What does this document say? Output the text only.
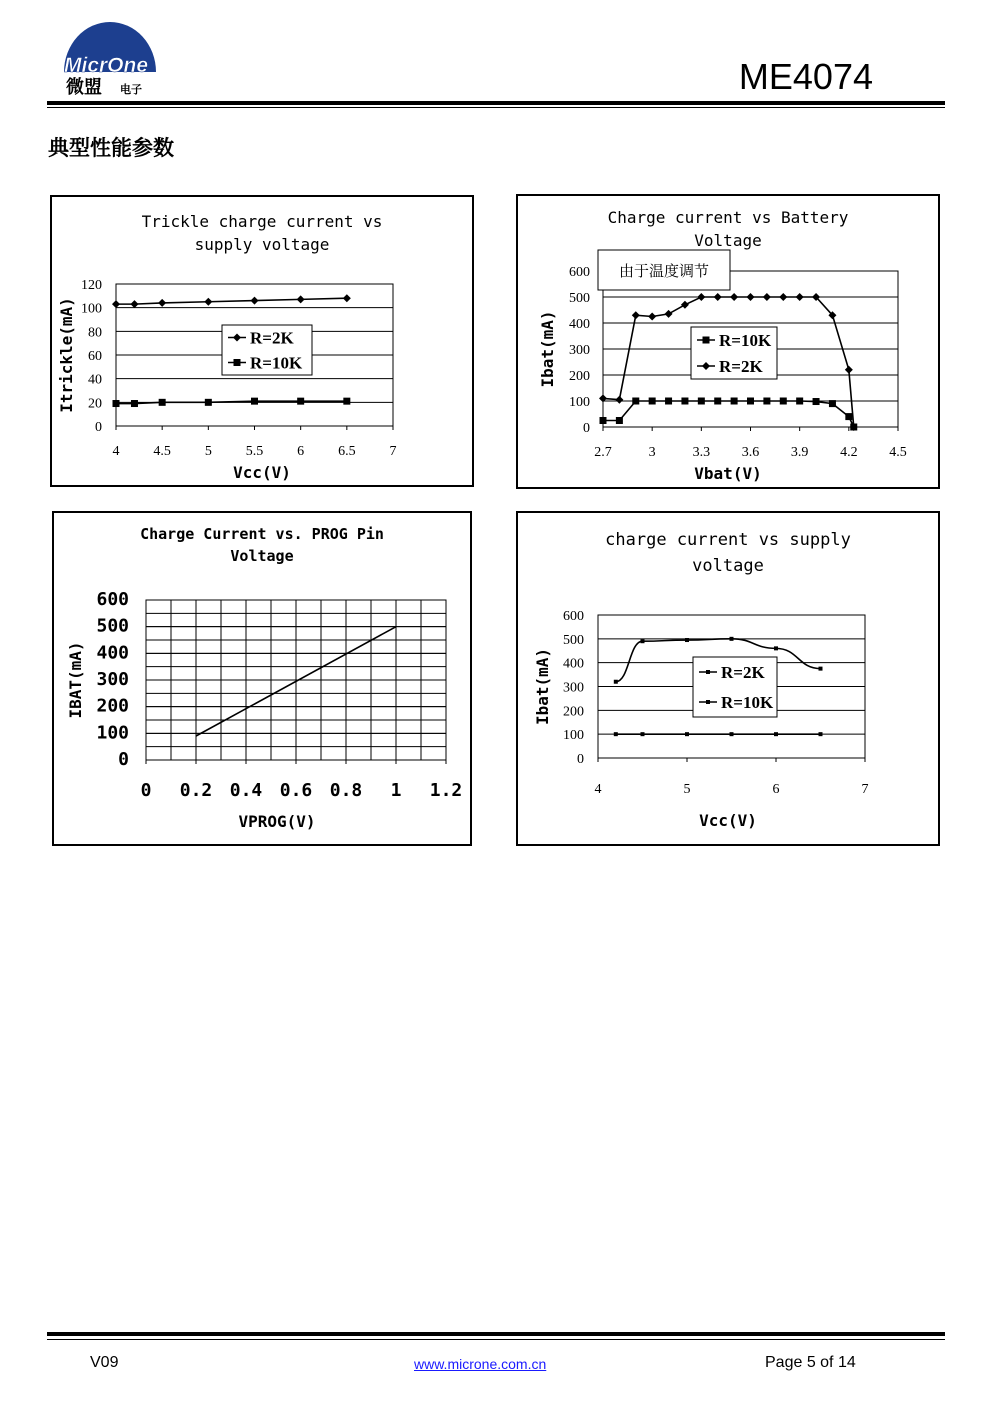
MicrOne
微盟 电子	ME4074
典型性能参数
Trickle charge current vs
supply voltage
0
20
40
60
80
100
120
4 4.5 5 5.5 6 6.5 7
Vcc(V)
Itrickle(mA)	R=2K
R=10K
Charge current vs Battery
Voltage
0
100
200
300
400
500
600
2.7	3	3.3 3.6 3.9 4.2 4.5
Vbat(V)
Ibat(mA)	R=10K
R=2K
由于温度调节
Charge Current vs. PROG Pin
Voltage
0
100
200
300
400
500
600
0 0.2 0.4 0.6 0.8 1 1.2
VPROG(V)
IBAT(mA)
charge current vs supply
voltage
0
100
200
300
400
500
600
4	5	6	7
Vcc(V)
Ibat(mA)	R=2K
R=10K
V09	www.microne.com.cn	Page 5 of 14
